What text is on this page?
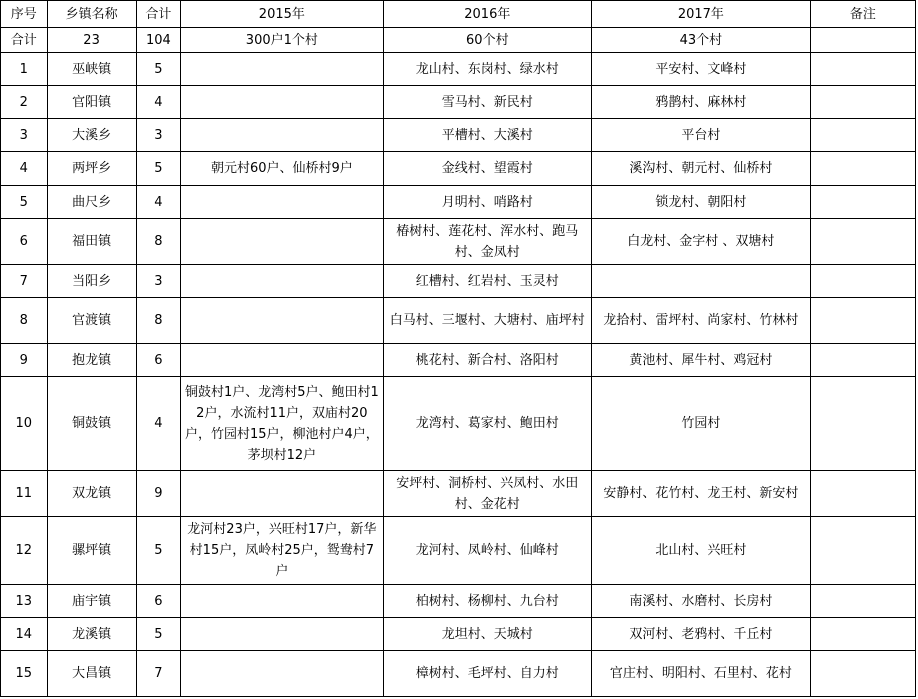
序号	乡镇名称	合计	2015年	2016年	2017年	备注
合计	23	104	300户1个村	60个村	43个村	
1	巫峡镇	5		龙山村、东岗村、绿水村	平安村、文峰村	
2	官阳镇	4		雪马村、新民村	鸦鹊村、麻林村	
3	大溪乡	3		平槽村、大溪村	平台村	
4	两坪乡	5	朝元村60户、仙桥村9户	金线村、望霞村	溪沟村、朝元村、仙桥村	
5	曲尺乡	4		月明村、哨路村	锁龙村、朝阳村	
6	福田镇	8		椿树村、莲花村、浑水村、跑马村、金凤村	白龙村、金字村 、双塘村	
7	当阳乡	3		红槽村、红岩村、玉灵村		
8	官渡镇	8		白马村、三堰村、大塘村、庙坪村	龙拾村、雷坪村、尚家村、竹林村	
9	抱龙镇	6		桃花村、新合村、洛阳村	黄池村、犀牛村、鸡冠村	
10	铜鼓镇	4	铜鼓村1户、龙湾村5户、鲍田村12户，水流村11户，双庙村20户，竹园村15户，柳池村户4户，茅坝村12户	龙湾村、葛家村、鲍田村	竹园村	
11	双龙镇	9		安坪村、洞桥村、兴凤村、水田村、金花村	安静村、花竹村、龙王村、新安村	
12	骡坪镇	5	龙河村23户，兴旺村17户，新华村15户，凤岭村25户，鸳鸯村7户	龙河村、凤岭村、仙峰村	北山村、兴旺村	
13	庙宇镇	6		柏树村、杨柳村、九台村	南溪村、水磨村、长房村	
14	龙溪镇	5		龙坦村、天城村	双河村、老鸦村、千丘村	
15	大昌镇	7		樟树村、毛坪村、自力村	官庄村、明阳村、石里村、花村	
